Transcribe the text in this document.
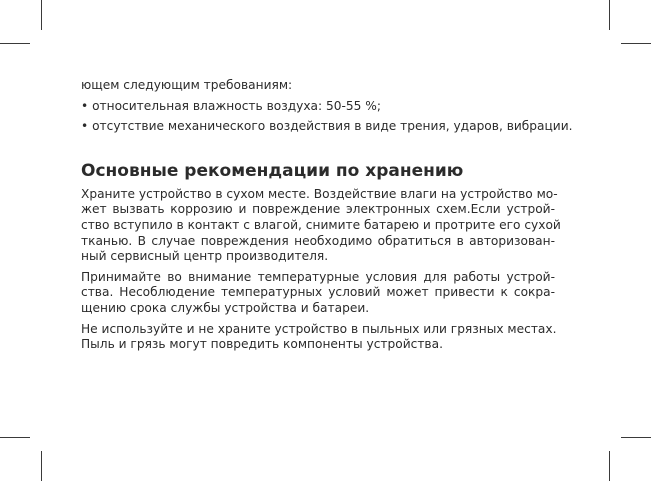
ющем следующим требованиям:

• относительная влажность воздуха: 50-55 %;

• отсутствие механического воздействия в виде трения, ударов, вибрации.

Основные рекомендации по хранению
Храните устройство в сухом месте. Воздействие влаги на устройство мо-
жет вызвать коррозию и повреждение электронных схем.Если устрой-
ство вступило в контакт с влагой, снимите батарею и протрите его сухой
тканью. В случае повреждения необходимо обратиться в авторизован-
ный сервисный центр производителя.
Принимайте во внимание температурные условия для работы устрой-
ства. Несоблюдение температурных условий может привести к сокра-
щению срока службы устройства и батареи.
Не используйте и не храните устройство в пыльных или грязных местах.
Пыль и грязь могут повредить компоненты устройства.
